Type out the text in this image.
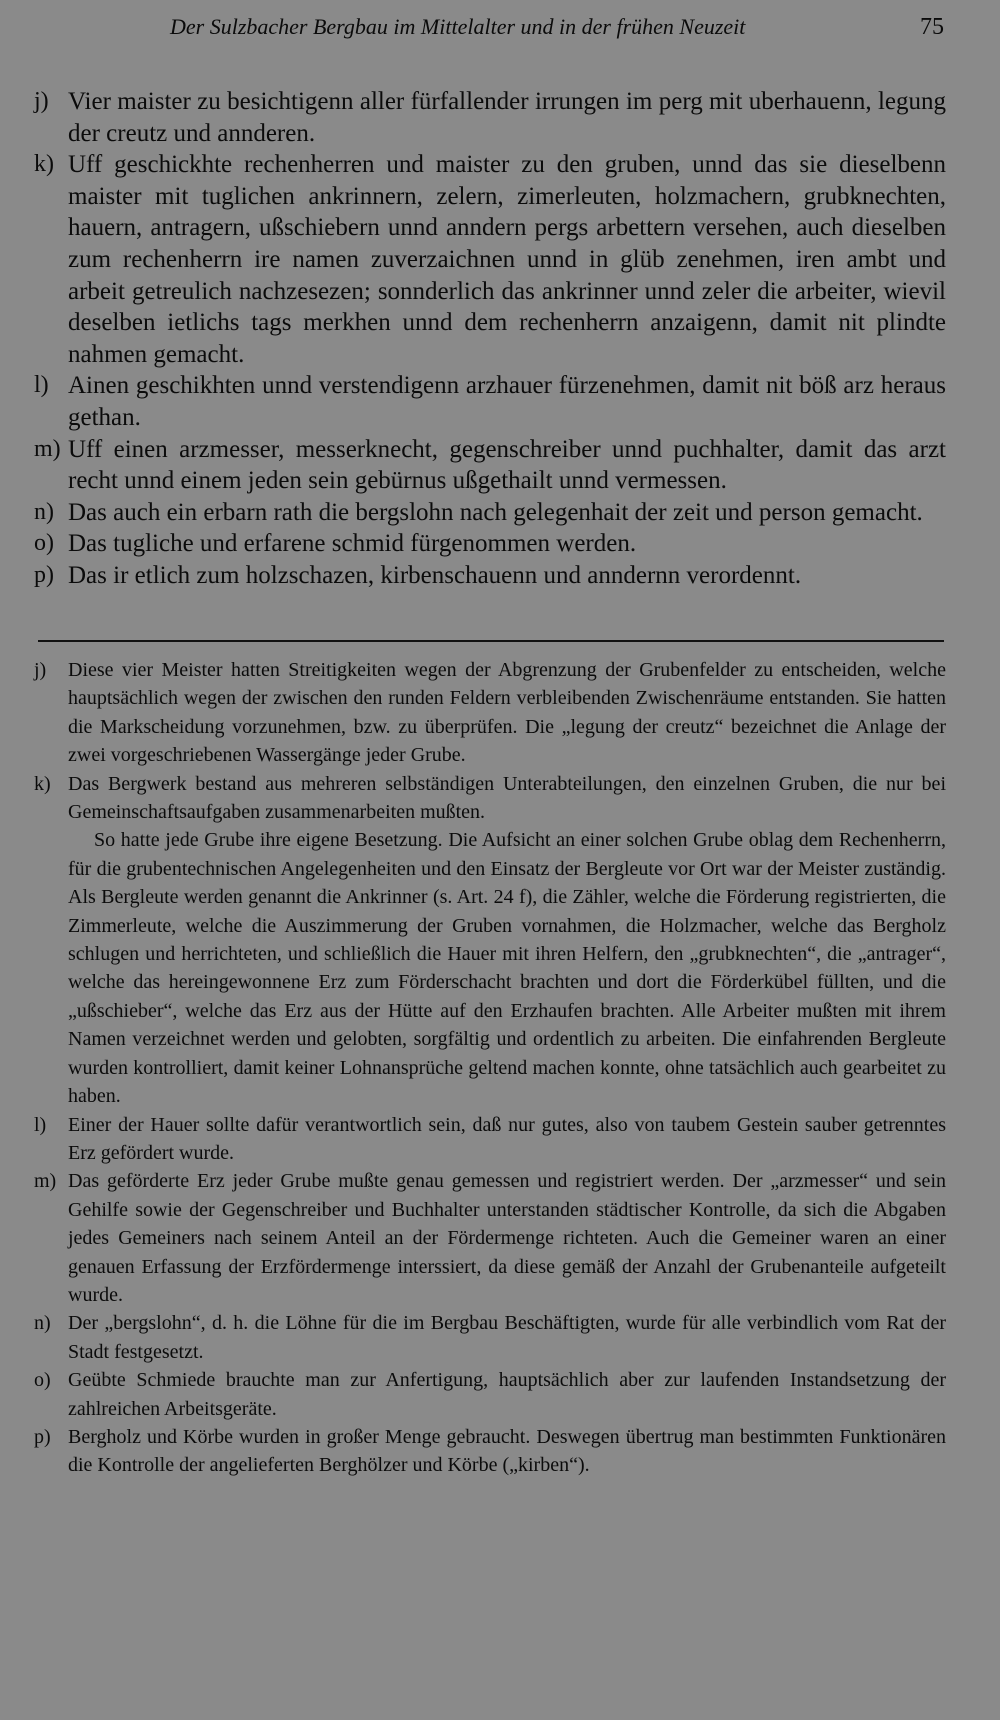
Der Sulzbacher Bergbau im Mittelalter und in der frühen Neuzeit	75
j) Vier maister zu besichtigenn aller fürfallender irrungen im perg mit uberhauenn, legung der creutz und annderen.
k) Uff geschickhte rechenherren und maister zu den gruben, unnd das sie dieselbenn maister mit tuglichen ankrinnern, zelern, zimerleuten, holzmachern, grubknechten, hauern, antragern, ußschiebern unnd anndern pergs arbettern versehen, auch dieselben zum rechenherrn ire namen zuverzaichnen unnd in glüb zenehmen, iren ambt und arbeit getreulich nachzesezen; sonnderlich das ankrinner unnd zeler die arbeiter, wievil deselben ietlichs tags merkhen unnd dem rechenherrn anzaigenn, damit nit plindte nahmen gemacht.
l) Ainen geschikhten unnd verstendigenn arzhauer fürzenehmen, damit nit böß arz heraus gethan.
m) Uff einen arzmesser, messerknecht, gegenschreiber unnd puchhalter, damit das arzt recht unnd einem jeden sein gebürnus ußgethailt unnd vermessen.
n) Das auch ein erbarn rath die bergslohn nach gelegenhait der zeit und person gemacht.
o) Das tugliche und erfarene schmid fürgenommen werden.
p) Das ir etlich zum holzschazen, kirbenschauenn und anndernn verordennt.
j) Diese vier Meister hatten Streitigkeiten wegen der Abgrenzung der Grubenfelder zu entscheiden, welche hauptsächlich wegen der zwischen den runden Feldern verbleibenden Zwischenräume entstanden. Sie hatten die Markscheidung vorzunehmen, bzw. zu überprüfen. Die „legung der creutz“ bezeichnet die Anlage der zwei vorgeschriebenen Wassergänge jeder Grube.
k) Das Bergwerk bestand aus mehreren selbständigen Unterabteilungen, den einzelnen Gruben, die nur bei Gemeinschaftsaufgaben zusammenarbeiten mußten.
So hatte jede Grube ihre eigene Besetzung. Die Aufsicht an einer solchen Grube oblag dem Rechenherrn, für die grubentechnischen Angelegenheiten und den Einsatz der Bergleute vor Ort war der Meister zuständig. Als Bergleute werden genannt die Ankrinner (s. Art. 24 f), die Zähler, welche die Förderung registrierten, die Zimmerleute, welche die Auszimmerung der Gruben vornahmen, die Holzmacher, welche das Bergholz schlugen und herrichteten, und schließlich die Hauer mit ihren Helfern, den „grubknechten“, die „antrager“, welche das hereingewonnene Erz zum Förderschacht brachten und dort die Förderkübel füllten, und die „ußschieber“, welche das Erz aus der Hütte auf den Erzhaufen brachten. Alle Arbeiter mußten mit ihrem Namen verzeichnet werden und gelobten, sorgfältig und ordentlich zu arbeiten. Die einfahrenden Bergleute wurden kontrolliert, damit keiner Lohnansprüche geltend machen konnte, ohne tatsächlich auch gearbeitet zu haben.
l) Einer der Hauer sollte dafür verantwortlich sein, daß nur gutes, also von taubem Gestein sauber getrenntes Erz gefördert wurde.
m) Das geförderte Erz jeder Grube mußte genau gemessen und registriert werden. Der „arzmesser“ und sein Gehilfe sowie der Gegenschreiber und Buchhalter unterstanden städtischer Kontrolle, da sich die Abgaben jedes Gemeiners nach seinem Anteil an der Fördermenge richteten. Auch die Gemeiner waren an einer genauen Erfassung der Erzfördermenge interssiert, da diese gemäß der Anzahl der Grubenanteile aufgeteilt wurde.
n) Der „bergslohn“, d. h. die Löhne für die im Bergbau Beschäftigten, wurde für alle verbindlich vom Rat der Stadt festgesetzt.
o) Geübte Schmiede brauchte man zur Anfertigung, hauptsächlich aber zur laufenden Instandsetzung der zahlreichen Arbeitsgeräte.
p) Bergholz und Körbe wurden in großer Menge gebraucht. Deswegen übertrug man bestimmten Funktionären die Kontrolle der angelieferten Berghölzer und Körbe („kirben“).
